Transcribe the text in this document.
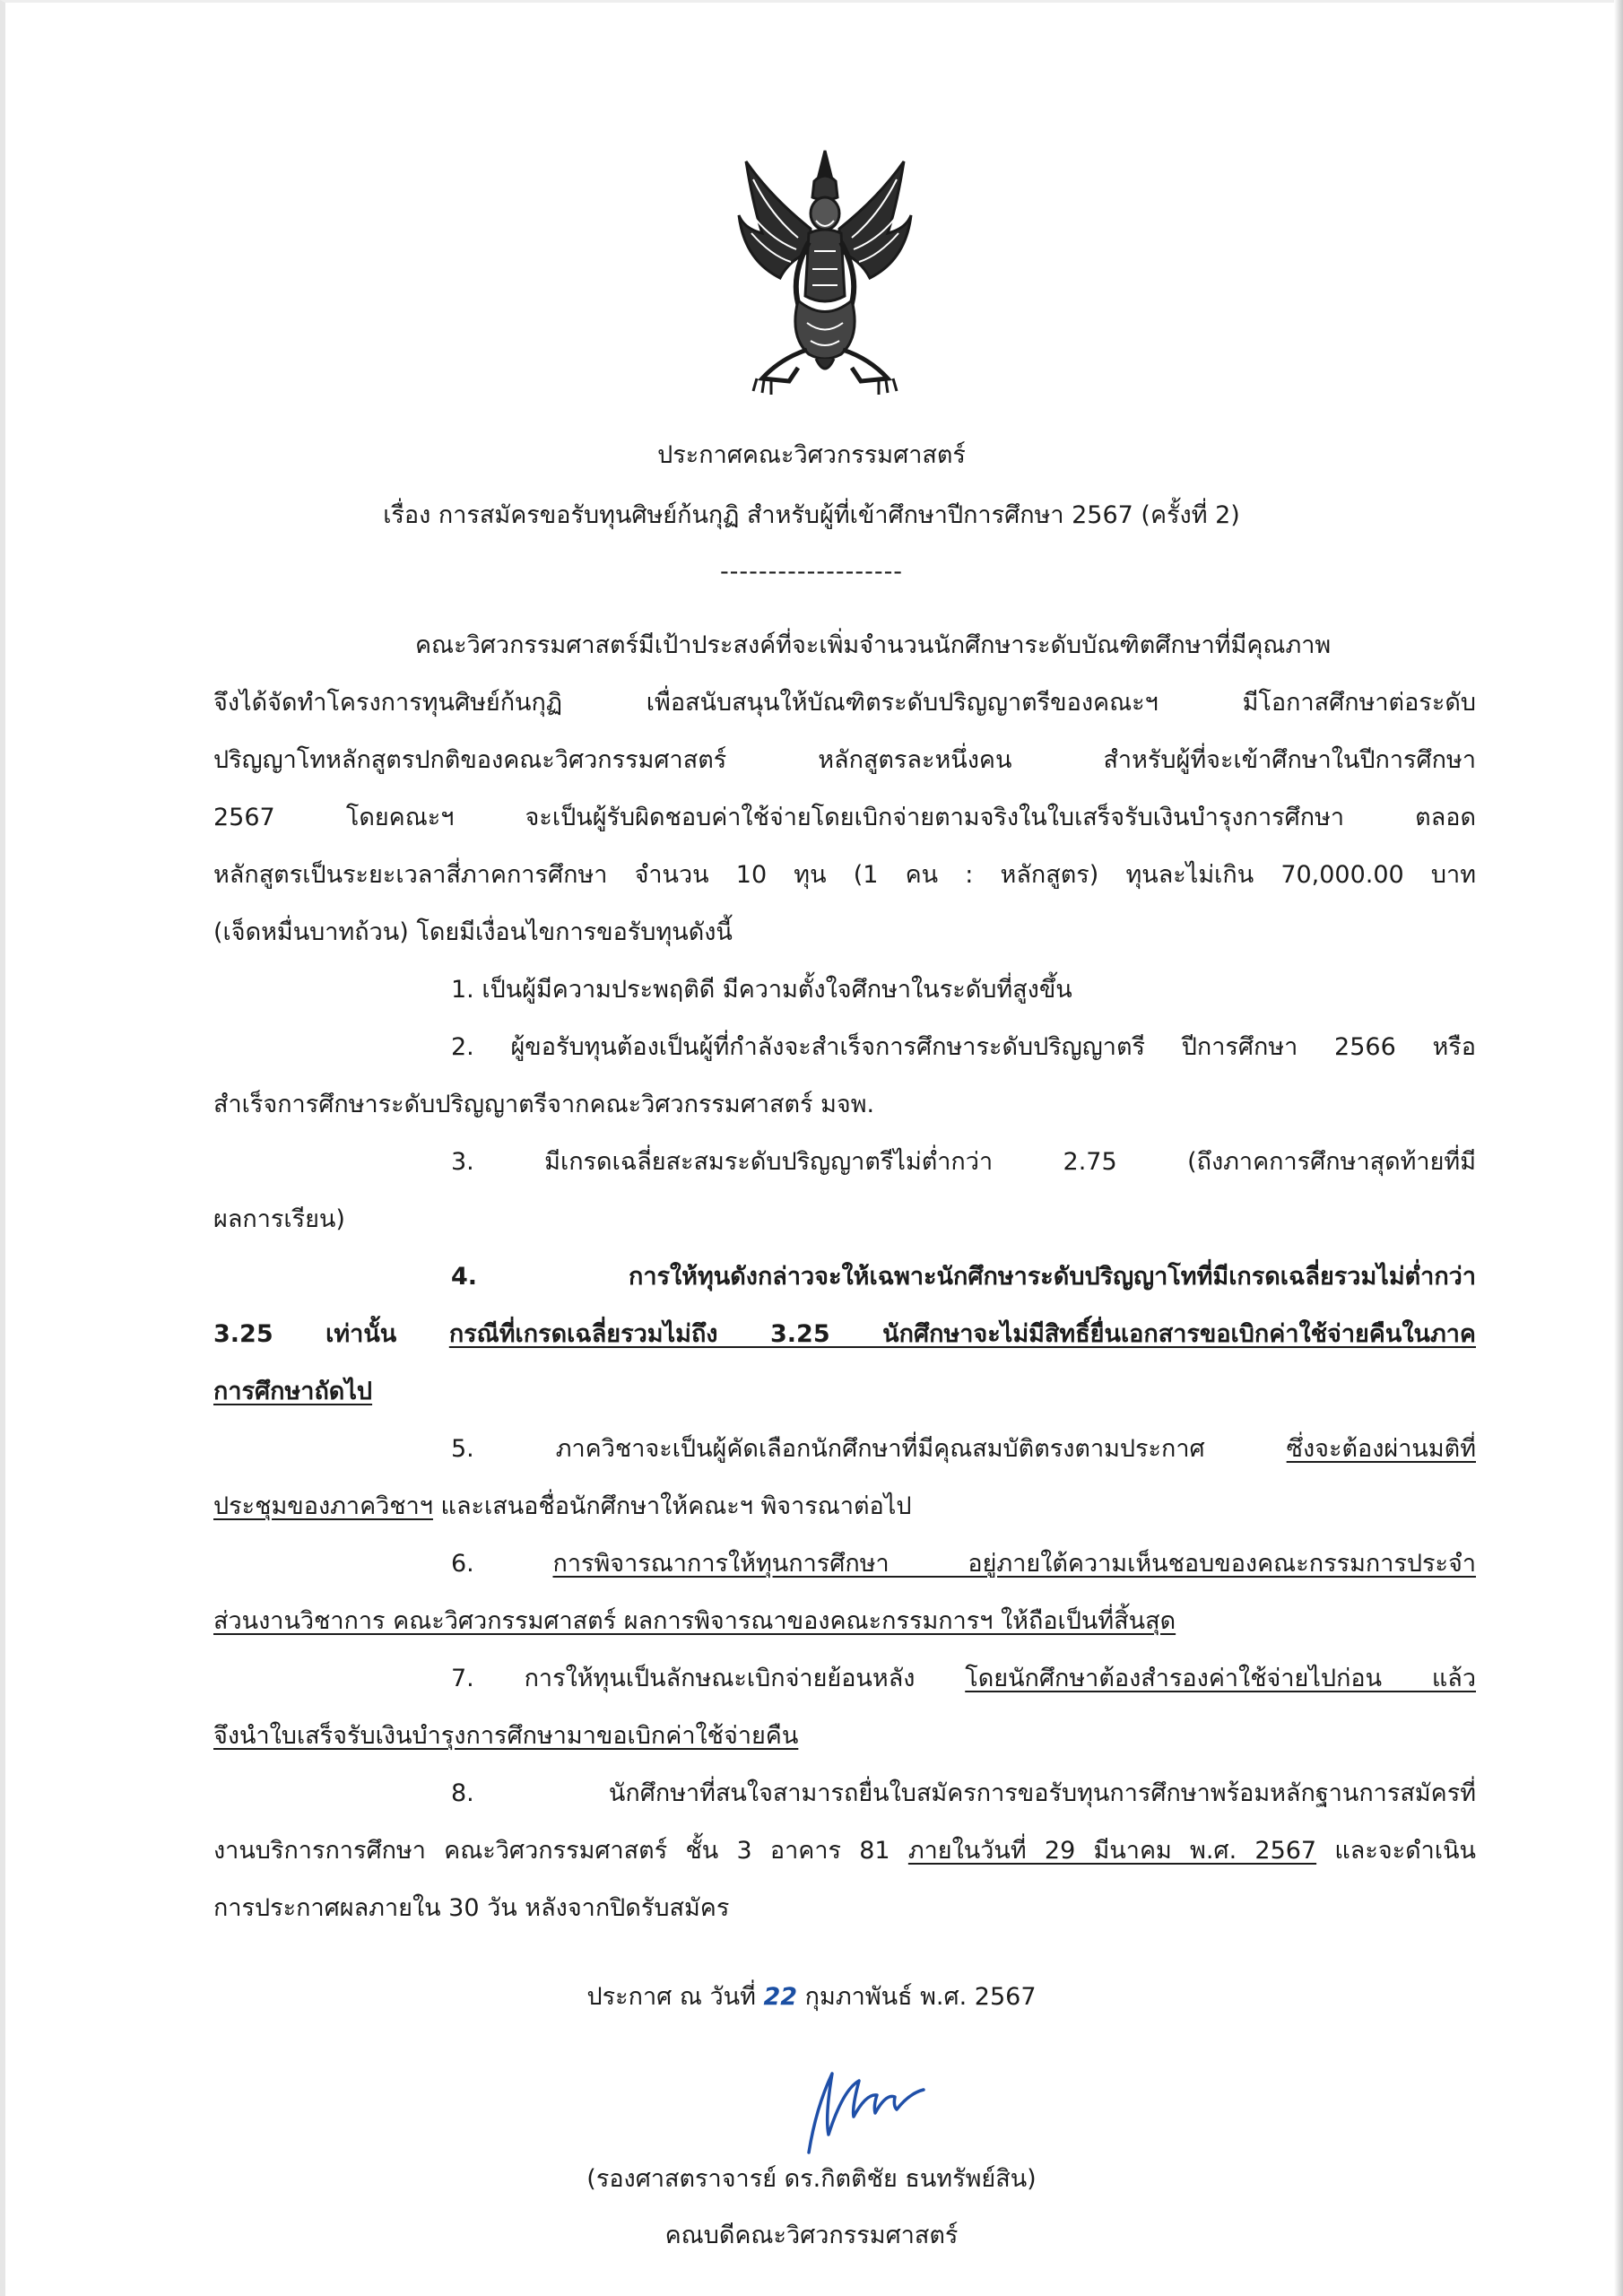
ประกาศคณะวิศวกรรมศาสตร์
เรื่อง การสมัครขอรับทุนศิษย์ก้นกุฏิ สำหรับผู้ที่เข้าศึกษาปีการศึกษา 2567 (ครั้งที่ 2)
-------------------

คณะวิศวกรรมศาสตร์มีเป้าประสงค์ที่จะเพิ่มจำนวนนักศึกษาระดับบัณฑิตศึกษาที่มีคุณภาพ

จึงได้จัดทำโครงการทุนศิษย์ก้นกุฏิ เพื่อสนับสนุนให้บัณฑิตระดับปริญญาตรีของคณะฯ มีโอกาสศึกษาต่อระดับ

ปริญญาโทหลักสูตรปกติของคณะวิศวกรรมศาสตร์ หลักสูตรละหนึ่งคน สำหรับผู้ที่จะเข้าศึกษาในปีการศึกษา

2567 โดยคณะฯ จะเป็นผู้รับผิดชอบค่าใช้จ่ายโดยเบิกจ่ายตามจริงในใบเสร็จรับเงินบำรุงการศึกษา ตลอด

หลักสูตรเป็นระยะเวลาสี่ภาคการศึกษา จำนวน 10 ทุน (1 คน : หลักสูตร) ทุนละไม่เกิน 70,000.00 บาท

(เจ็ดหมื่นบาทถ้วน) โดยมีเงื่อนไขการขอรับทุนดังนี้

1. เป็นผู้มีความประพฤติดี มีความตั้งใจศึกษาในระดับที่สูงขึ้น

2. ผู้ขอรับทุนต้องเป็นผู้ที่กำลังจะสำเร็จการศึกษาระดับปริญญาตรี ปีการศึกษา 2566 หรือ

สำเร็จการศึกษาระดับปริญญาตรีจากคณะวิศวกรรมศาสตร์ มจพ.

3. มีเกรดเฉลี่ยสะสมระดับปริญญาตรีไม่ต่ำกว่า 2.75 (ถึงภาคการศึกษาสุดท้ายที่มี

ผลการเรียน)

4. การให้ทุนดังกล่าวจะให้เฉพาะนักศึกษาระดับปริญญาโทที่มีเกรดเฉลี่ยรวมไม่ต่ำกว่า

3.25 เท่านั้น กรณีที่เกรดเฉลี่ยรวมไม่ถึง 3.25 นักศึกษาจะไม่มีสิทธิ์ยื่นเอกสารขอเบิกค่าใช้จ่ายคืนในภาค

การศึกษาถัดไป

5. ภาควิชาจะเป็นผู้คัดเลือกนักศึกษาที่มีคุณสมบัติตรงตามประกาศ ซึ่งจะต้องผ่านมติที่

ประชุมของภาควิชาฯ และเสนอชื่อนักศึกษาให้คณะฯ พิจารณาต่อไป

6. การพิจารณาการให้ทุนการศึกษา อยู่ภายใต้ความเห็นชอบของคณะกรรมการประจำ

ส่วนงานวิชาการ คณะวิศวกรรมศาสตร์ ผลการพิจารณาของคณะกรรมการฯ ให้ถือเป็นที่สิ้นสุด

7. การให้ทุนเป็นลักษณะเบิกจ่ายย้อนหลัง โดยนักศึกษาต้องสำรองค่าใช้จ่ายไปก่อน แล้ว

จึงนำใบเสร็จรับเงินบำรุงการศึกษามาขอเบิกค่าใช้จ่ายคืน

8. นักศึกษาที่สนใจสามารถยื่นใบสมัครการขอรับทุนการศึกษาพร้อมหลักฐานการสมัครที่

งานบริการการศึกษา คณะวิศวกรรมศาสตร์ ชั้น 3 อาคาร 81 ภายในวันที่ 29 มีนาคม พ.ศ. 2567 และจะดำเนิน

การประกาศผลภายใน 30 วัน หลังจากปิดรับสมัคร

ประกาศ ณ วันที่ 22 กุมภาพันธ์ พ.ศ. 2567
(รองศาสตราจารย์ ดร.กิตติชัย ธนทรัพย์สิน)
คณบดีคณะวิศวกรรมศาสตร์
